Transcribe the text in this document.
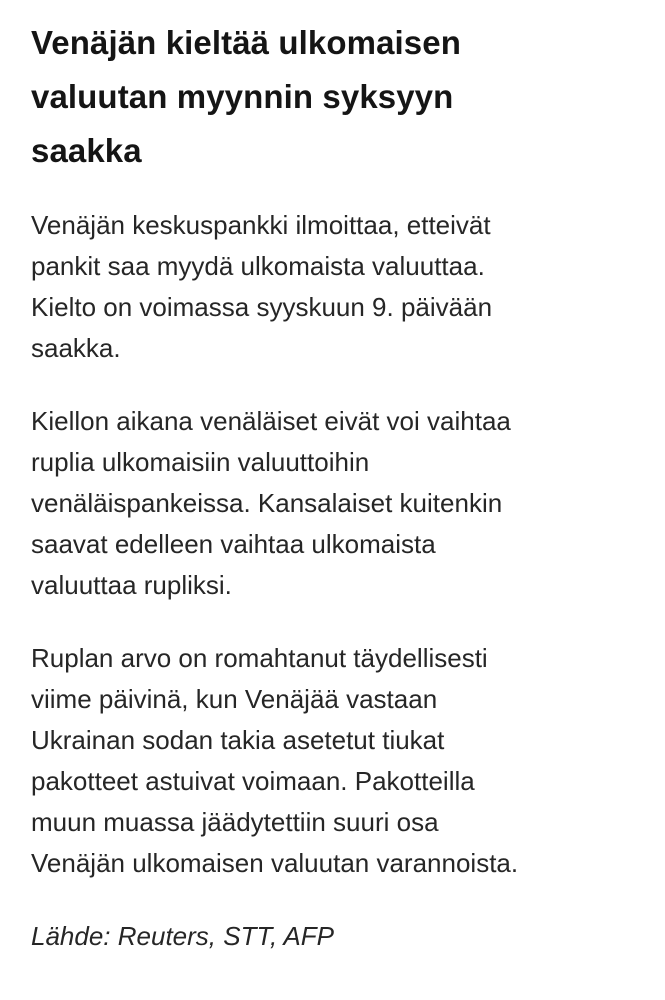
Venäjän kieltää ulkomaisen
valuutan myynnin syksyyn
saakka

Venäjän keskuspankki ilmoittaa, etteivät
pankit saa myydä ulkomaista valuuttaa.
Kielto on voimassa syyskuun 9. päivään
saakka.

Kiellon aikana venäläiset eivät voi vaihtaa
ruplia ulkomaisiin valuuttoihin
venäläispankeissa. Kansalaiset kuitenkin
saavat edelleen vaihtaa ulkomaista
valuuttaa rupliksi.

Ruplan arvo on romahtanut täydellisesti
viime päivinä, kun Venäjää vastaan
Ukrainan sodan takia asetetut tiukat
pakotteet astuivat voimaan. Pakotteilla
muun muassa jäädytettiin suuri osa
Venäjän ulkomaisen valuutan varannoista.

Lähde: Reuters, STT, AFP
